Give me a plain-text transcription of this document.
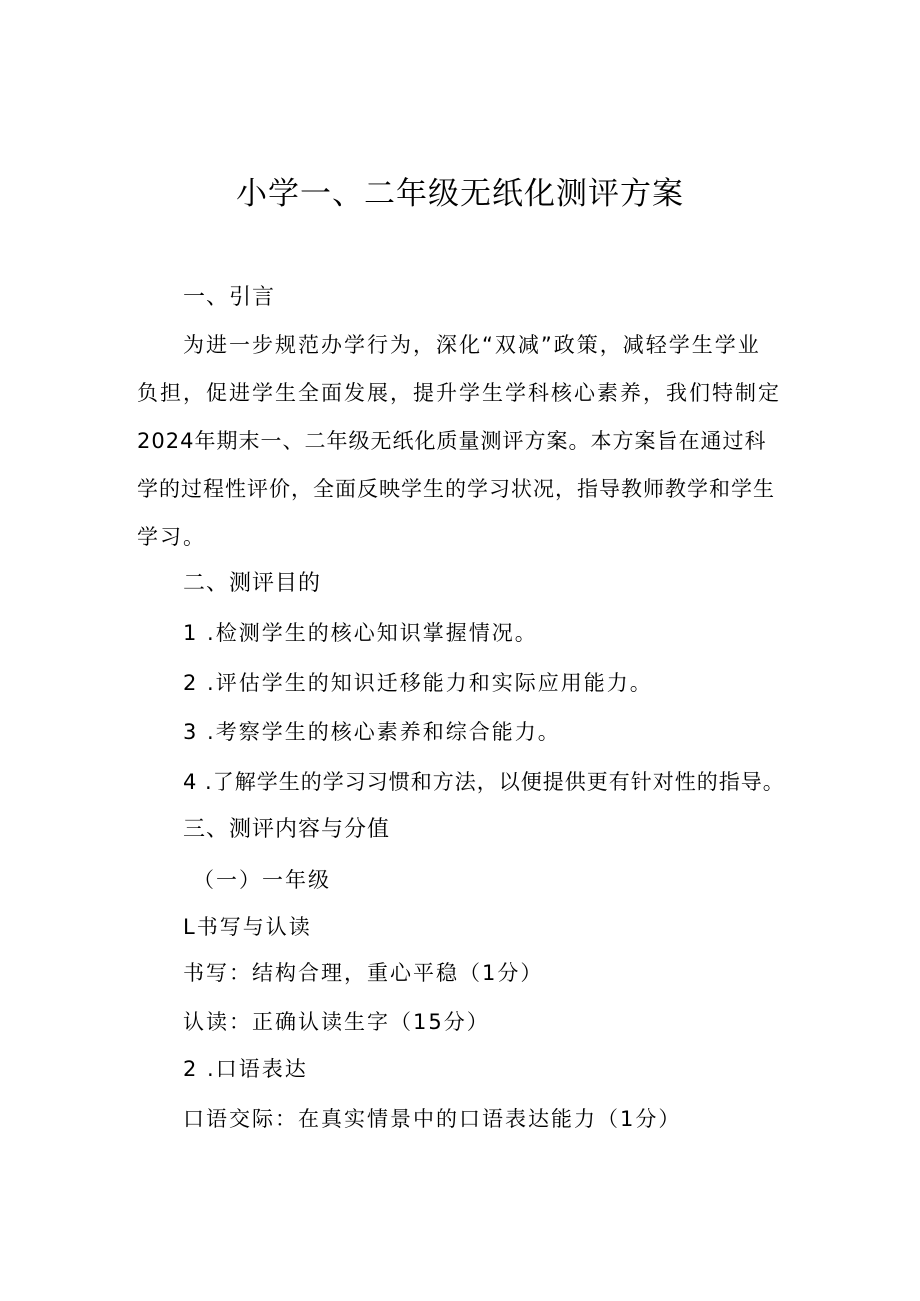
小学一、二年级无纸化测评方案
一、引言
为进一步规范办学行为，深化“双减”政策，减轻学生学业
负担，促进学生全面发展，提升学生学科核心素养，我们特制定
2024年期末一、二年级无纸化质量测评方案。本方案旨在通过科
学的过程性评价，全面反映学生的学习状况，指导教师教学和学生
学习。
二、测评目的
1 .检测学生的核心知识掌握情况。
2 .评估学生的知识迁移能力和实际应用能力。
3 .考察学生的核心素养和综合能力。
4 .了解学生的学习习惯和方法，以便提供更有针对性的指导。
三、测评内容与分值
（一）一年级
L书写与认读
书写：结构合理，重心平稳（1分）
认读：正确认读生字（15分）
2 .口语表达
口语交际：在真实情景中的口语表达能力（1分）
